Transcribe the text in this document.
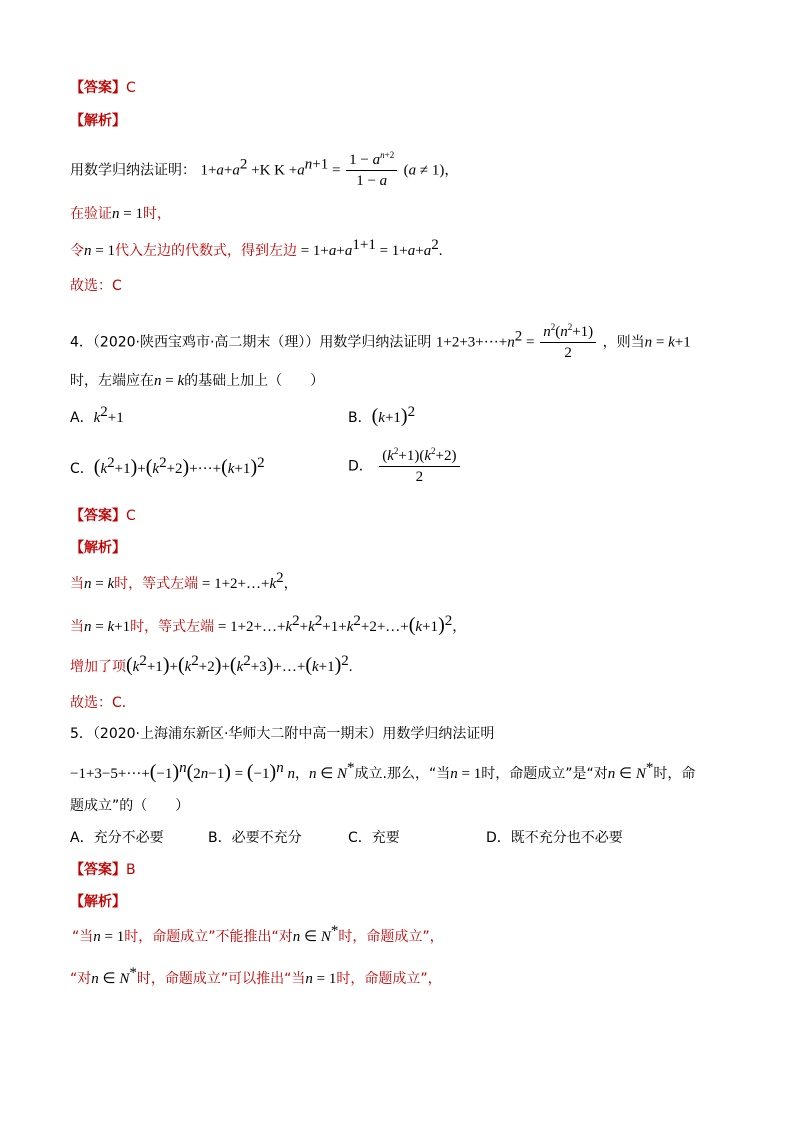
【答案】C
【解析】
用数学归纳法证明： $1+a+a^2 +K$ $K +a^{n+1} = \frac{1 - a^{n+2}}{1 - a} (a \ne 1)$，
在验证n = 1时，
令n = 1代入左边的代数式，得到左边 = $1+a+a^{1+1} = 1+a+a^2$.
故选：C
4．（2020·陕西宝鸡市·高二期末（理））用数学归纳法证明 $1+2+3+\cdot\cdot\cdot+n^2 = \frac{n^2(n^2+1)}{2}$ ，则当n = k+1
时，左端应在n = k的基础上加上（　　）
A．$k^2+1$	B．$(k+1)^2$
C．$(k^2+1)+(k^2+2)+\cdot\cdot\cdot+(k+1)^2$	D． $\frac{(k^2+1)(k^2+2)}{2}$
【答案】C
【解析】
当n = k时，等式左端 = $1+2+\dots+k^2$，
当n = k+1时，等式左端 = $1+2+\dots+k^2+k^2+1+k^2+2+\dots+(k+1)^2$，
增加了项$(k^2+1)+(k^2+2)+(k^2+3)+\dots+(k+1)^2$.
故选：C．
5．（2020·上海浦东新区·华师大二附中高一期末）用数学归纳法证明
$-1+3-5+\cdot\cdot\cdot+(-1)^n(2n-1) = (-1)^n$ n，n ∈ N*成立.那么，“当n = 1时，命题成立”是“对n ∈ N*时，命
题成立”的（　　）
A．充分不必要	B．必要不充分	C．充要	D．既不充分也不必要
【答案】B
【解析】
“当n = 1时，命题成立”不能推出“对n ∈ N*时，命题成立”，
“对n ∈ N*时，命题成立”可以推出“当n = 1时，命题成立”，
